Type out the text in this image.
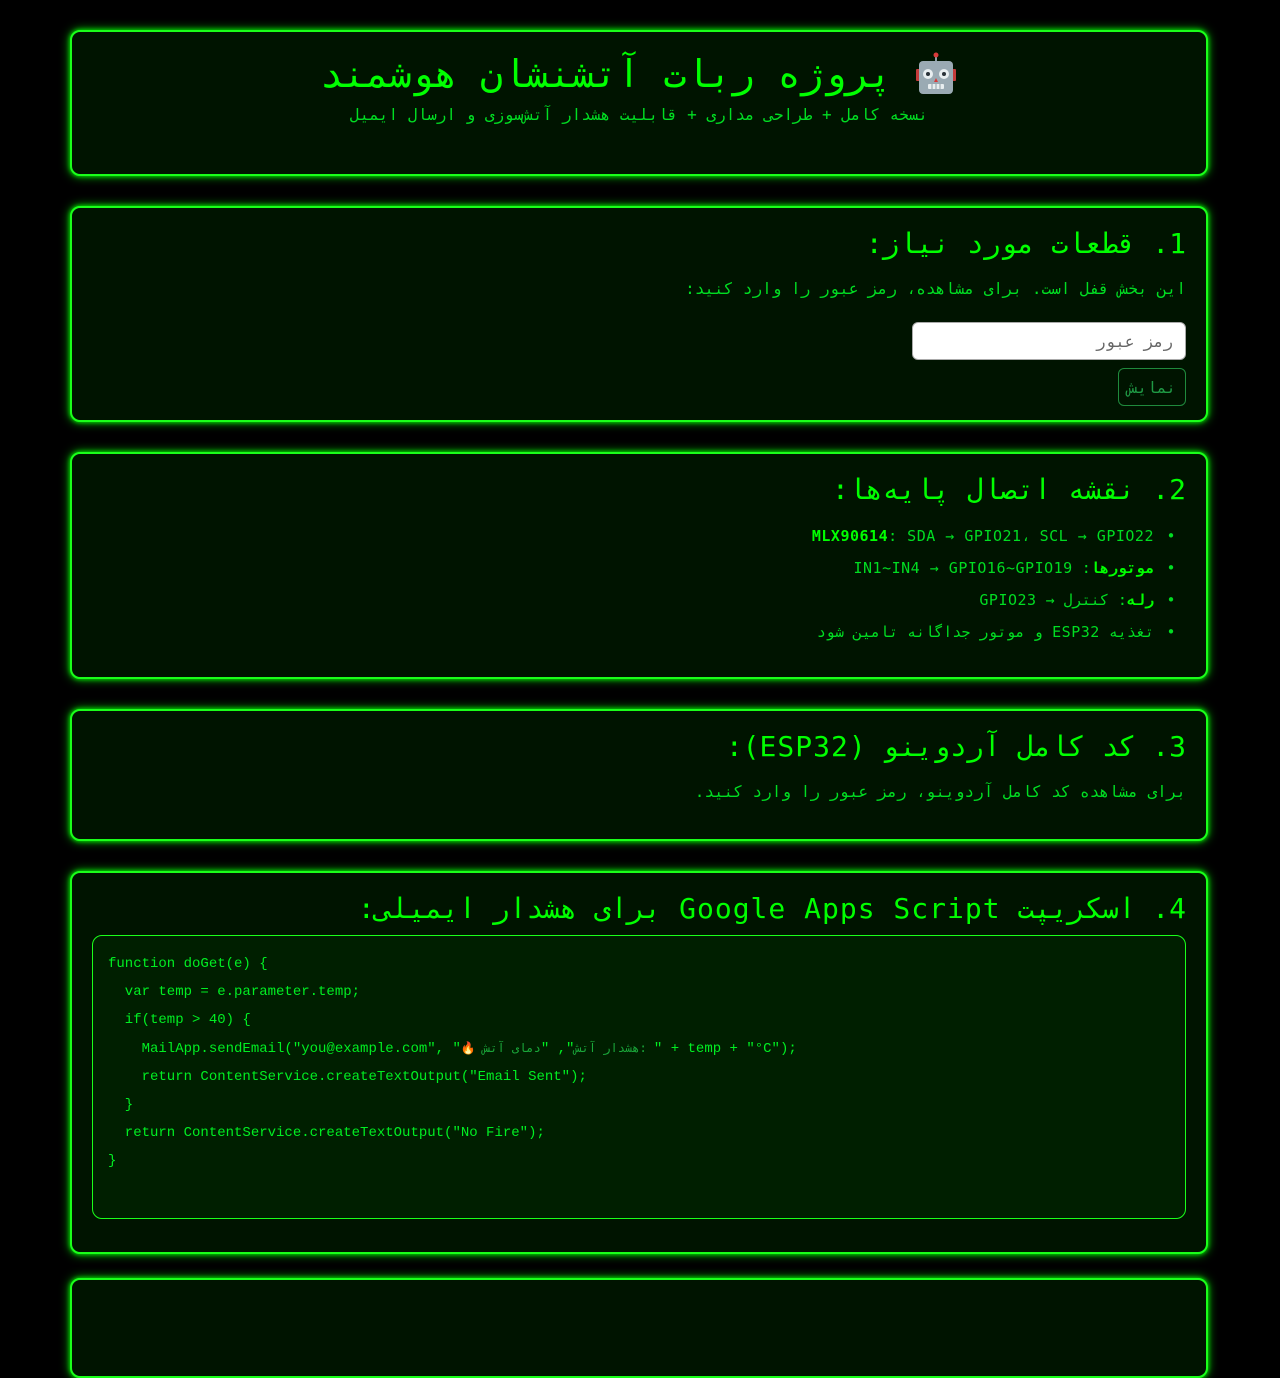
پروژه ربات آتشنشان هوشمند
نسخه کامل + طراحی مداری + قابلیت هشدار آتش‌سوزی و ارسال ایمیل
1. قطعات مورد نیاز:
این بخش قفل است. برای مشاهده، رمز عبور را وارد کنید:
نمایش
2. نقشه اتصال پایه‌ها:
• MLX90614: SDA → GPIO21، SCL → GPIO22
• موتورها: IN1~IN4 → GPIO16~GPIO19
• رله: کنترل → GPIO23
• تغذیه ESP32 و موتور جداگانه تامین شود
3. کد کامل آردوینو (ESP32):
برای مشاهده کد کامل آردوینو، رمز عبور را وارد کنید.
4. اسکریپت Google Apps Script برای هشدار ایمیلی:
function doGet(e) {
var temp = e.parameter.temp;
if(temp > 40) {
MailApp.sendEmail("you@example.com", "🔥 هشدار آتش", "دمای آتش: " + temp + "°C");
return ContentService.createTextOutput("Email Sent");
}
return ContentService.createTextOutput("No Fire");
}
